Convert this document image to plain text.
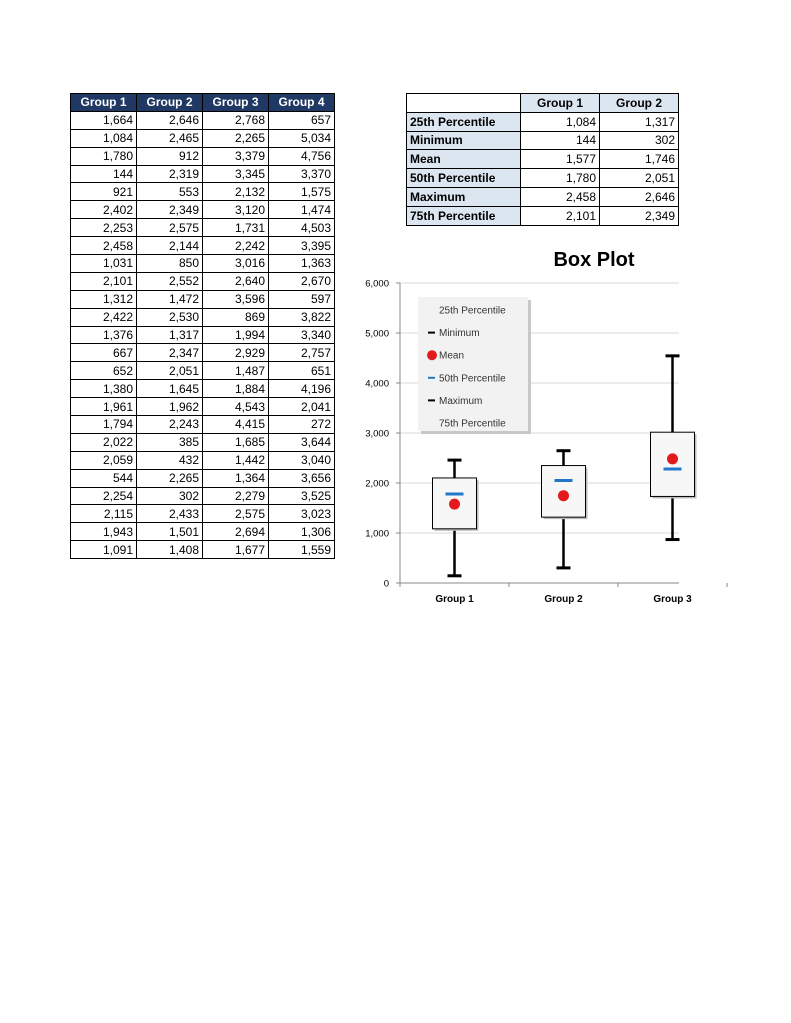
Group 1	Group 2	Group 3	Group 4
1,664	2,646	2,768	657
1,084	2,465	2,265	5,034
1,780	912	3,379	4,756
144	2,319	3,345	3,370
921	553	2,132	1,575
2,402	2,349	3,120	1,474
2,253	2,575	1,731	4,503
2,458	2,144	2,242	3,395
1,031	850	3,016	1,363
2,101	2,552	2,640	2,670
1,312	1,472	3,596	597
2,422	2,530	869	3,822
1,376	1,317	1,994	3,340
667	2,347	2,929	2,757
652	2,051	1,487	651
1,380	1,645	1,884	4,196
1,961	1,962	4,543	2,041
1,794	2,243	4,415	272
2,022	385	1,685	3,644
2,059	432	1,442	3,040
544	2,265	1,364	3,656
2,254	302	2,279	3,525
2,115	2,433	2,575	3,023
1,943	1,501	2,694	1,306
1,091	1,408	1,677	1,559
	Group 1	Group 2
25th Percentile	1,084	1,317
Minimum	144	302
Mean	1,577	1,746
50th Percentile	1,780	2,051
Maximum	2,458	2,646
75th Percentile	2,101	2,349
Box Plot
0
1,000
2,000
3,000
4,000
5,000
6,000
Group 1	Group 2	Group 3
25th Percentile
Minimum
Mean
50th Percentile
Maximum
75th Percentile
